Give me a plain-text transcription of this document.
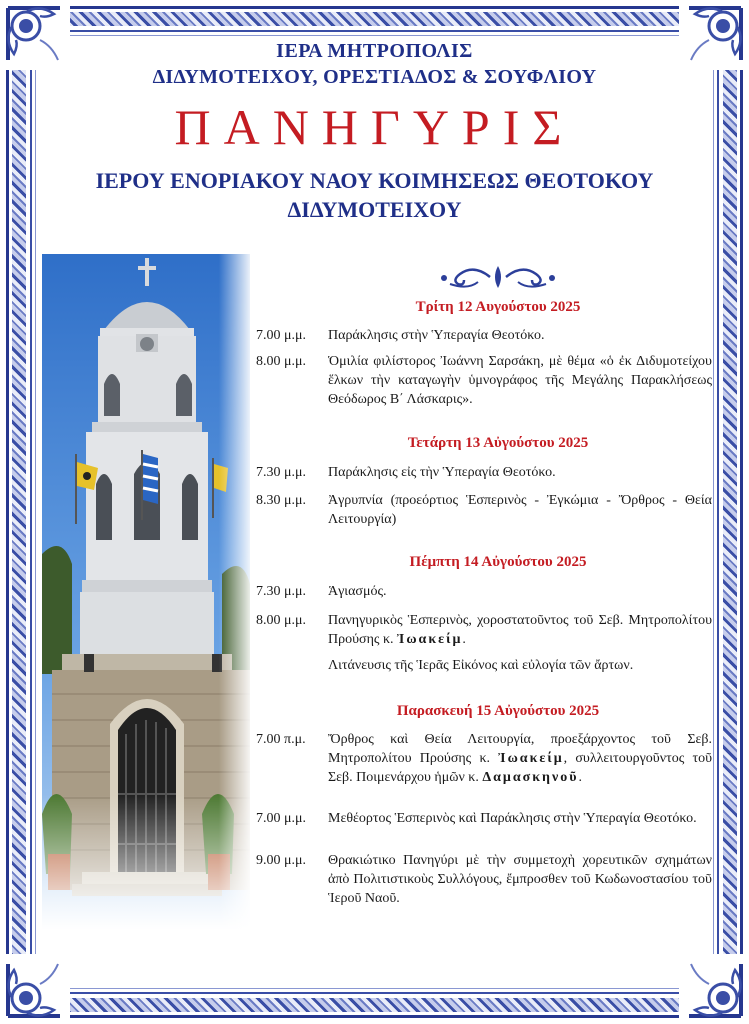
ΙΕΡΑ ΜΗΤΡΟΠΟΛΙΣ
ΔΙΔΥΜΟΤΕΙΧΟΥ, ΟΡΕΣΤΙΑΔΟΣ & ΣΟΥΦΛΙΟΥ
ΠΑΝΗΓΥΡΙΣ
ΙΕΡΟΥ ΕΝΟΡΙΑΚΟΥ ΝΑΟΥ ΚΟΙΜΗΣΕΩΣ ΘΕΟΤΟΚΟΥ
ΔΙΔΥΜΟΤΕΙΧΟΥ
Τρίτη 12 Αυγούστου 2025
7.00 μ.μ.	Παράκλησις στὴν Ὑπεραγία Θεοτόκο.
8.00 μ.μ.	Ὁμιλία φιλίστορος Ἰωάννη Σαρσάκη, μὲ θέμα «ὁ ἐκ Διδυμοτείχου ἕλκων τὴν καταγωγὴν ὑμνογράφος τῆς Μεγάλης Παρακλήσεως Θεόδωρος Β΄ Λάσκαρις».
Τετάρτη 13 Αὐγούστου 2025
7.30 μ.μ.	Παράκλησις εἰς τὴν Ὑπεραγία Θεοτόκο.
8.30 μ.μ.	Ἀγρυπνία (προεόρτιος Ἑσπερινὸς - Ἐγκώμια - Ὄρθρος - Θεία Λειτουργία)
Πέμπτη 14 Αὐγούστου 2025
7.30 μ.μ.	Ἁγιασμός.
8.00 μ.μ.	Πανηγυρικὸς Ἑσπερινὸς, χοροστατοῦντος τοῦ Σεβ. Μητροπολίτου Προύσης κ. Ἰωακείμ.
Λιτάνευσις τῆς Ἱερᾶς Εἰκόνος καὶ εὐλογία τῶν ἄρτων.
Παρασκευή 15 Αὐγούστου 2025
7.00 π.μ.	Ὄρθρος καὶ Θεία Λειτουργία, προεξάρχοντος τοῦ Σεβ. Μητροπολίτου Προύσης κ. Ἰωακείμ, συλλειτουργοῦντος τοῦ Σεβ. Ποιμενάρχου ἡμῶν κ. Δαμασκηνοῦ.
7.00 μ.μ.	Μεθέορτος Ἑσπερινὸς καὶ Παράκλησις στὴν Ὑπεραγία Θεοτόκο.
9.00 μ.μ.	Θρακιώτικο Πανηγύρι μὲ τὴν συμμετοχὴ χορευτικῶν σχημάτων ἀπὸ Πολιτιστικοὺς Συλλόγους, ἔμπροσθεν τοῦ Κωδωνοστασίου τοῦ Ἱεροῦ Ναοῦ.
